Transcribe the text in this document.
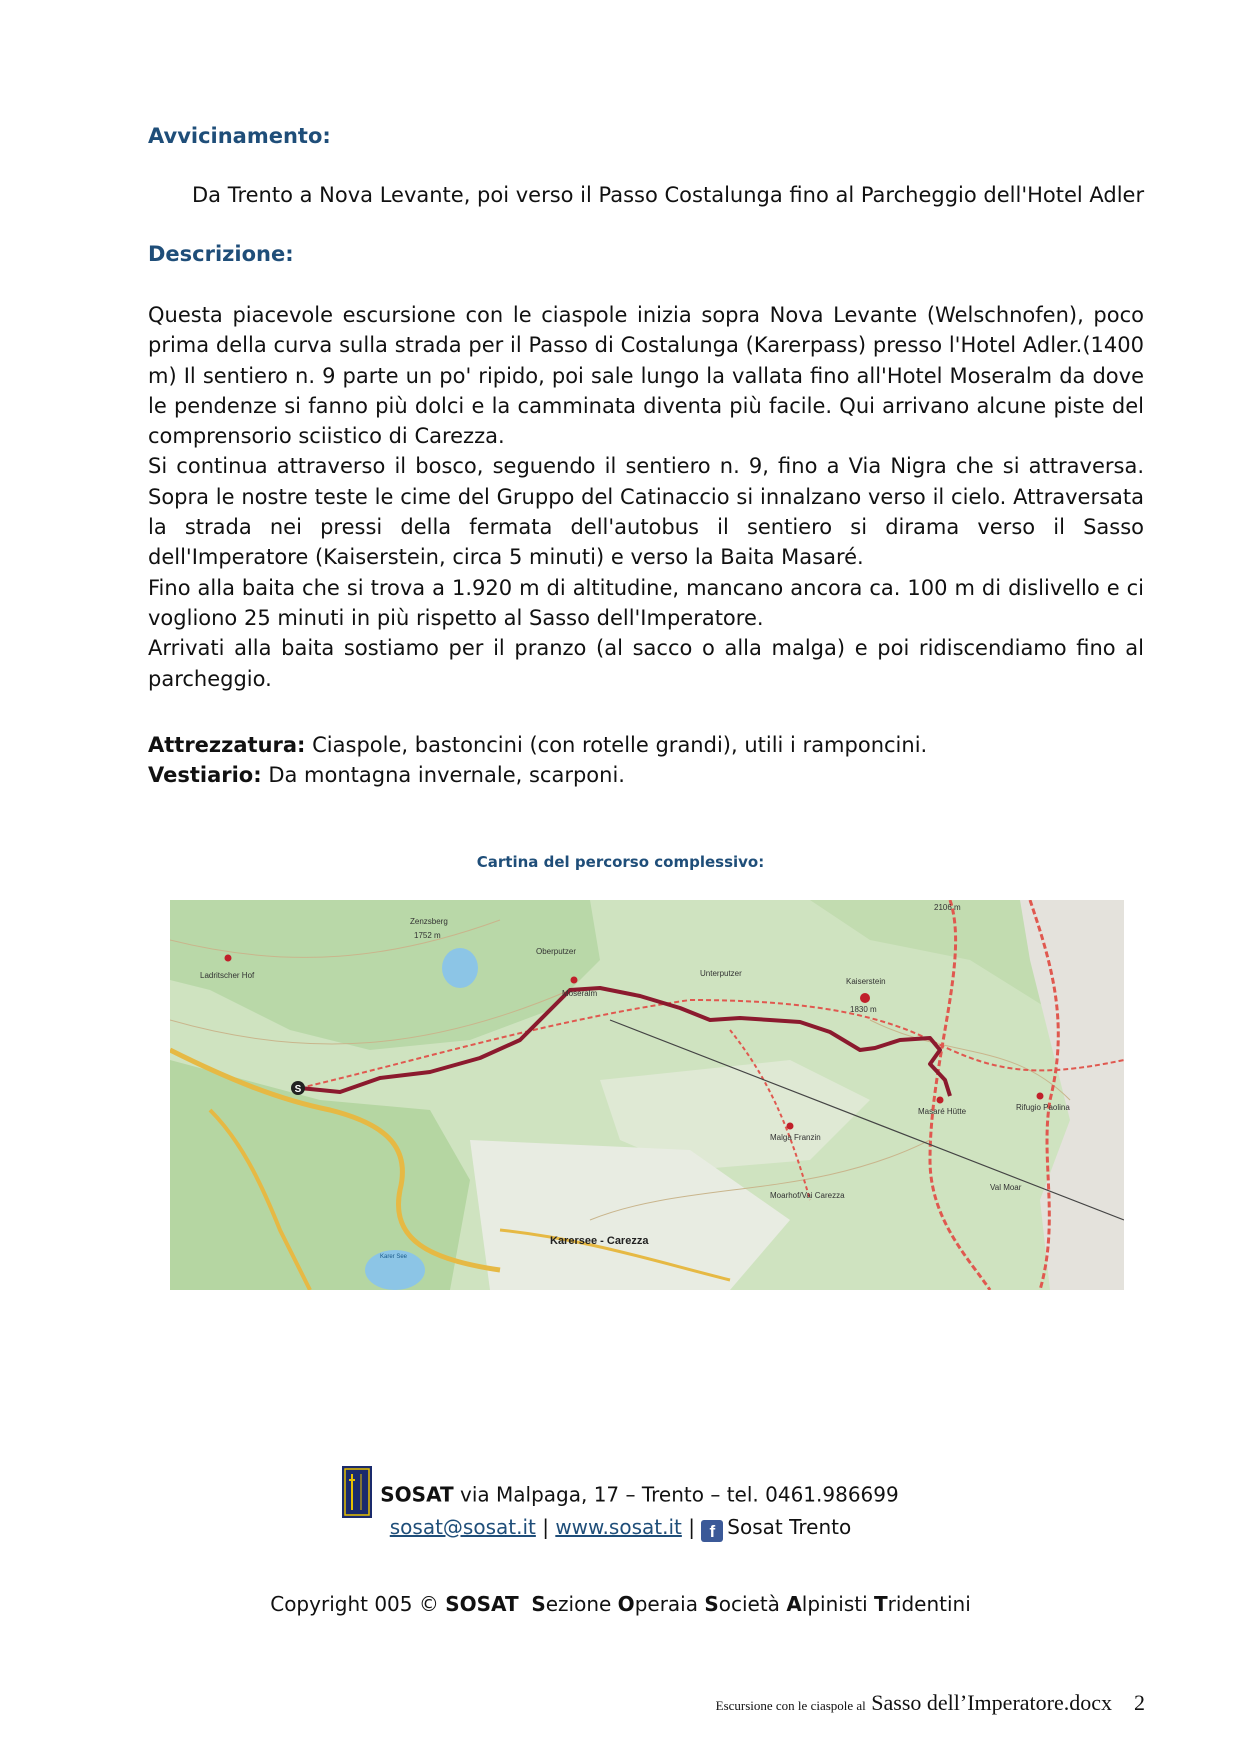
Avvicinamento:
Da Trento a Nova Levante, poi verso il Passo Costalunga fino al Parcheggio dell'Hotel Adler
Descrizione:

Questa piacevole escursione con le ciaspole inizia sopra Nova Levante (Welschnofen), poco prima della curva sulla strada per il Passo di Costalunga (Karerpass) presso l'Hotel Adler.(1400 m) Il sentiero n. 9 parte un po' ripido, poi sale lungo la vallata fino all'Hotel Moseralm da dove le pendenze si fanno più dolci e la camminata diventa più facile. Qui arrivano alcune piste del comprensorio sciistico di Carezza.

Si continua attraverso il bosco, seguendo il sentiero n. 9, fino a Via Nigra che si attraversa. Sopra le nostre teste le cime del Gruppo del Catinaccio si innalzano verso il cielo. Attraversata la strada nei pressi della fermata dell'autobus il sentiero si dirama verso il Sasso dell'Imperatore (Kaiserstein, circa 5 minuti) e verso la Baita Masaré.

Fino alla baita che si trova a 1.920 m di altitudine, mancano ancora ca. 100 m di dislivello e ci vogliono 25 minuti in più rispetto al Sasso dell'Imperatore.

Arrivati alla baita sostiamo per il pranzo (al sacco o alla malga) e poi ridiscendiamo fino al parcheggio.

Attrezzatura: Ciaspole, bastoncini (con rotelle grandi), utili i ramponcini.
Vestiario: Da montagna invernale, scarponi.
Cartina del percorso complessivo:
S
Zenzsberg
1752 m
2106 m
Ladritscher Hof
Moseralm
Oberputzer
Unterputzer
Kaiserstein
1830 m
Masaré Hütte	Rifugio Paolina
Malga Franzin
Moarhof/Vai Carezza
Val Moar
Karersee - Carezza
Karer See
SOSAT via Malpaga, 17 – Trento – tel. 0461.986699
sosat@sosat.it | www.sosat.it | f Sosat Trento
Copyright 005 © SOSAT Sezione Operaia Società Alpinisti Tridentini
Escursione con le ciaspole al Sasso dell’Imperatore.docx 2
